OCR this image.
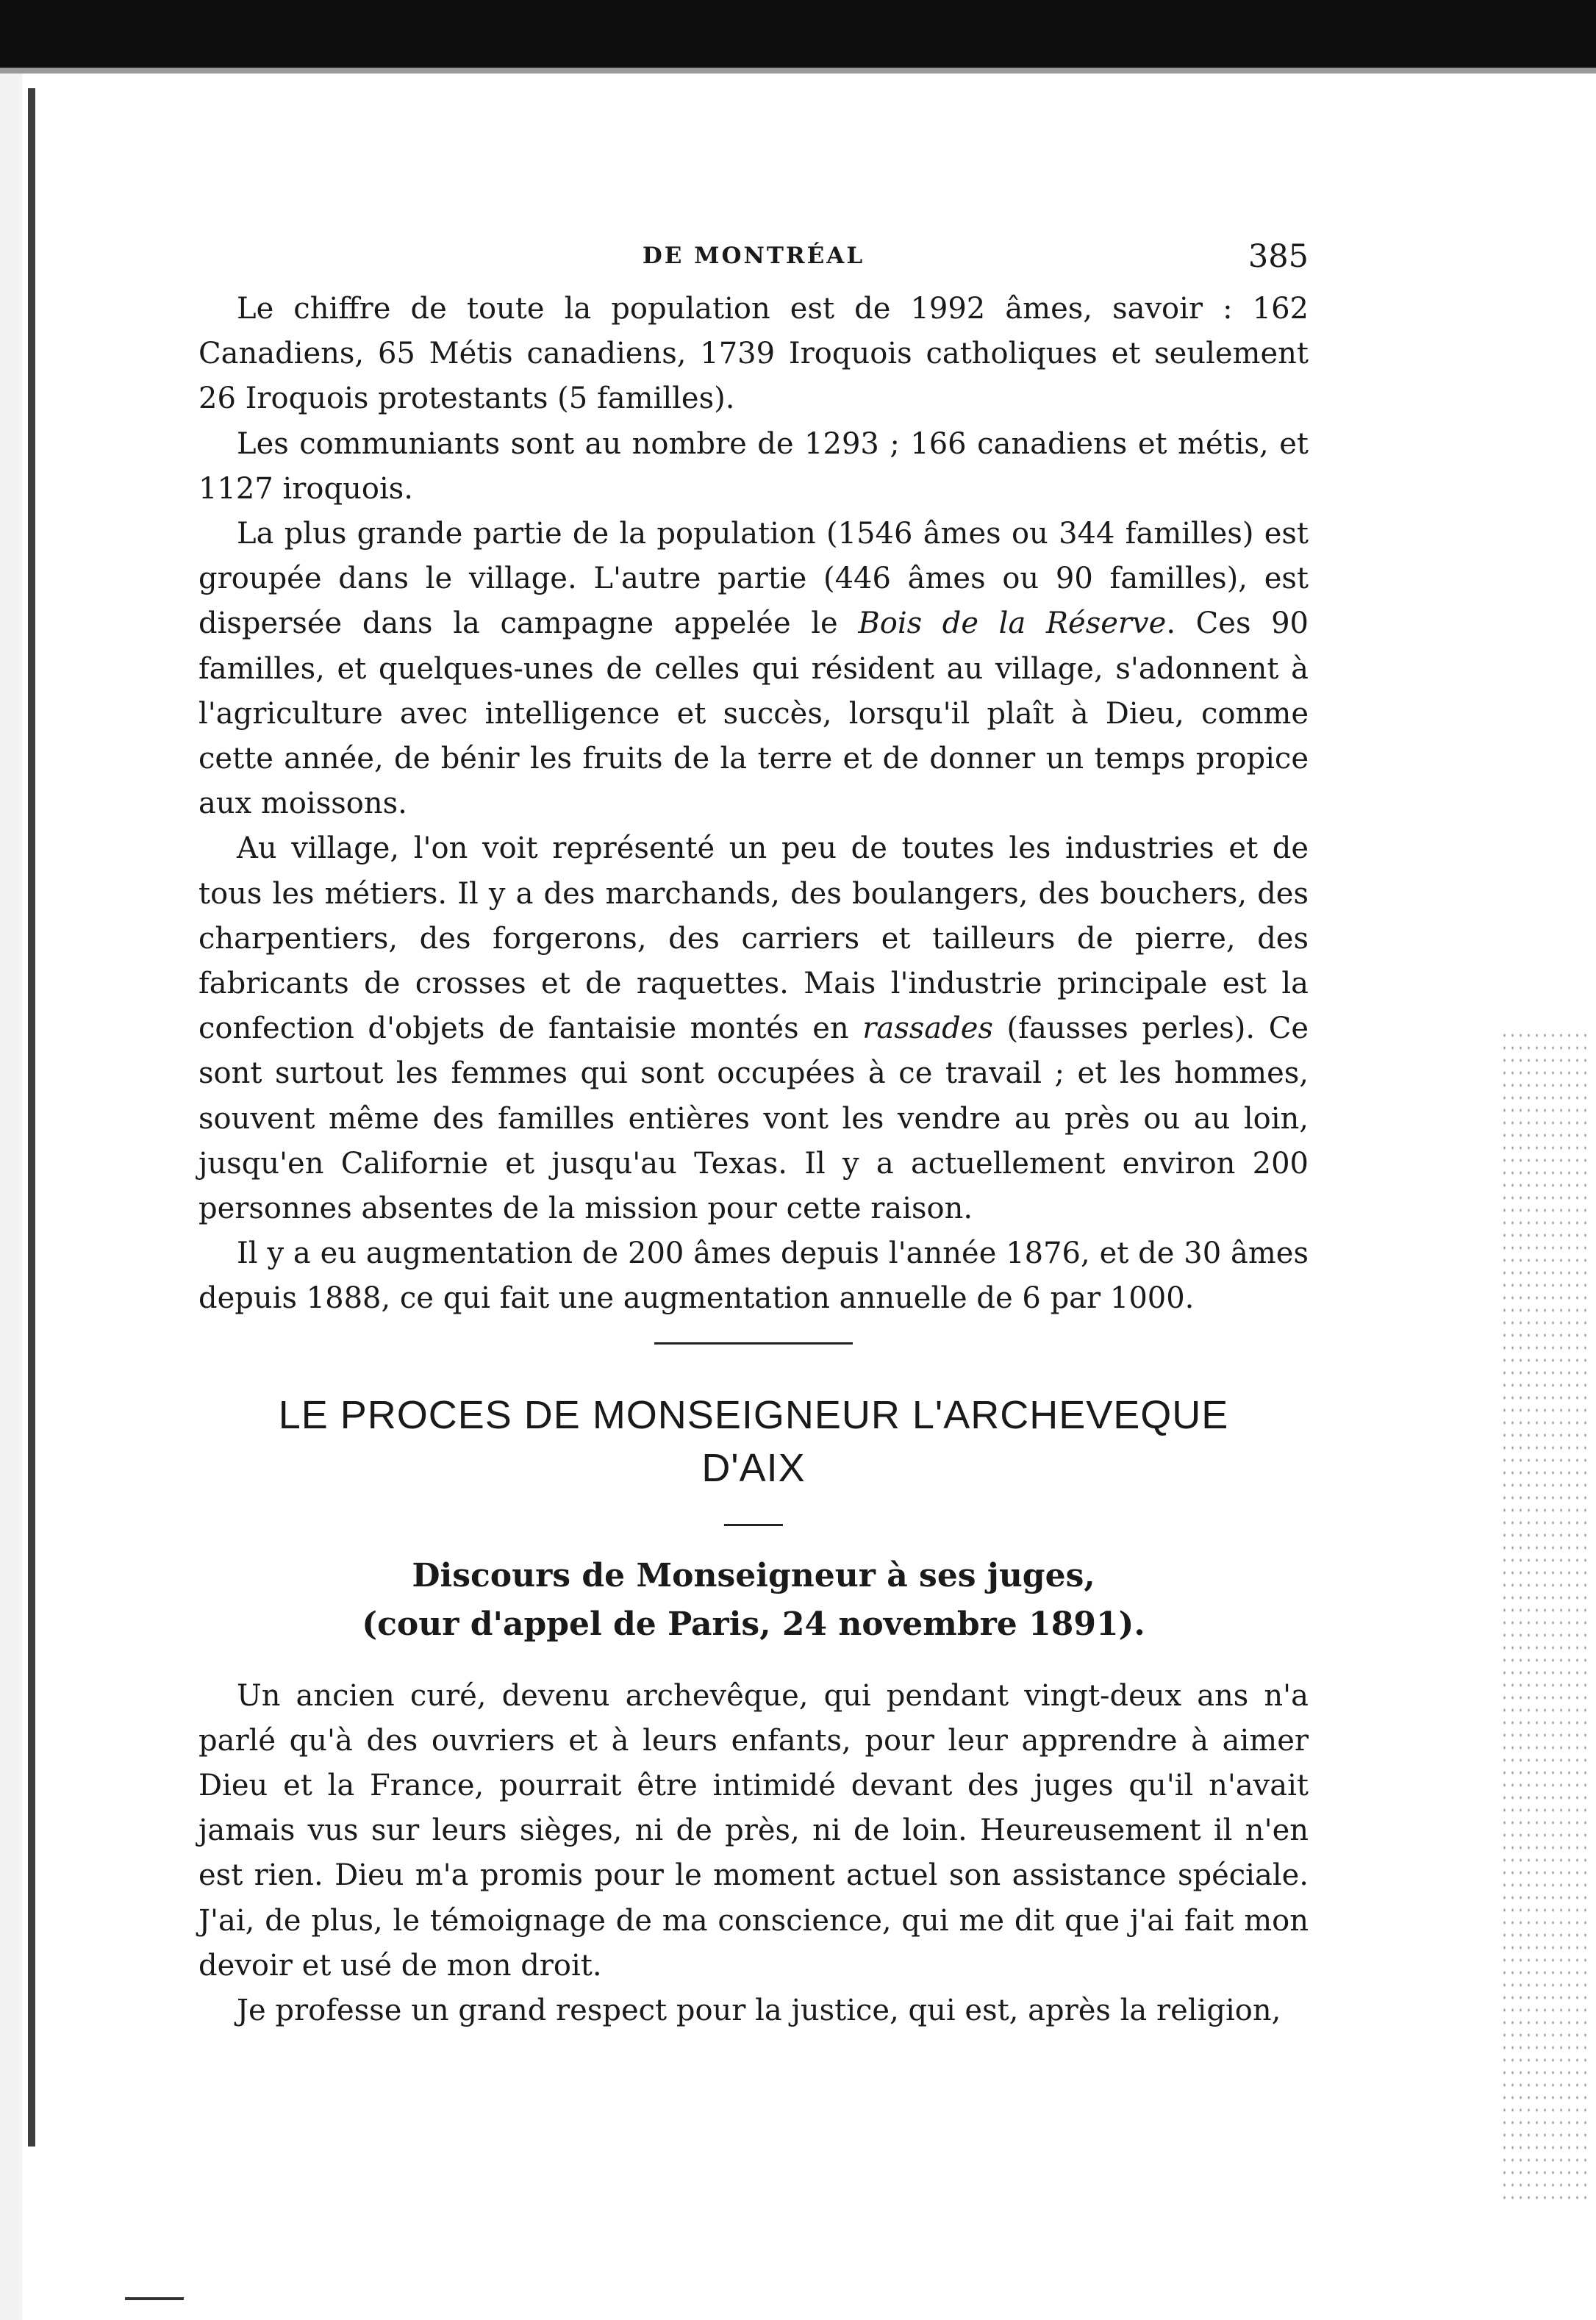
DE MONTRÉAL	385

Le chiffre de toute la population est de 1992 âmes, savoir : 162 Canadiens, 65 Métis canadiens, 1739 Iroquois catholiques et seulement 26 Iroquois protestants (5 familles).

Les communiants sont au nombre de 1293 ; 166 canadiens et métis, et 1127 iroquois.

La plus grande partie de la population (1546 âmes ou 344 familles) est groupée dans le village. L'autre partie (446 âmes ou 90 familles), est dispersée dans la campagne appelée le Bois de la Réserve. Ces 90 familles, et quelques-unes de celles qui résident au village, s'adonnent à l'agriculture avec intelligence et succès, lorsqu'il plaît à Dieu, comme cette année, de bénir les fruits de la terre et de donner un temps propice aux moissons.

Au village, l'on voit représenté un peu de toutes les industries et de tous les métiers. Il y a des marchands, des boulangers, des bouchers, des charpentiers, des forgerons, des carriers et tailleurs de pierre, des fabricants de crosses et de raquettes. Mais l'industrie principale est la confection d'objets de fantaisie montés en rassades (fausses perles). Ce sont surtout les femmes qui sont occupées à ce travail ; et les hommes, souvent même des familles entières vont les vendre au près ou au loin, jusqu'en Californie et jusqu'au Texas. Il y a actuellement environ 200 personnes absentes de la mission pour cette raison.

Il y a eu augmentation de 200 âmes depuis l'année 1876, et de 30 âmes depuis 1888, ce qui fait une augmentation annuelle de 6 par 1000.

LE PROCES DE MONSEIGNEUR L'ARCHEVEQUE
D'AIX
Discours de Monseigneur à ses juges,
(cour d'appel de Paris, 24 novembre 1891).

Un ancien curé, devenu archevêque, qui pendant vingt-deux ans n'a parlé qu'à des ouvriers et à leurs enfants, pour leur apprendre à aimer Dieu et la France, pourrait être intimidé devant des juges qu'il n'avait jamais vus sur leurs sièges, ni de près, ni de loin. Heureusement il n'en est rien. Dieu m'a promis pour le moment actuel son assistance spéciale. J'ai, de plus, le témoignage de ma conscience, qui me dit que j'ai fait mon devoir et usé de mon droit.

Je professe un grand respect pour la justice, qui est, après la religion,
